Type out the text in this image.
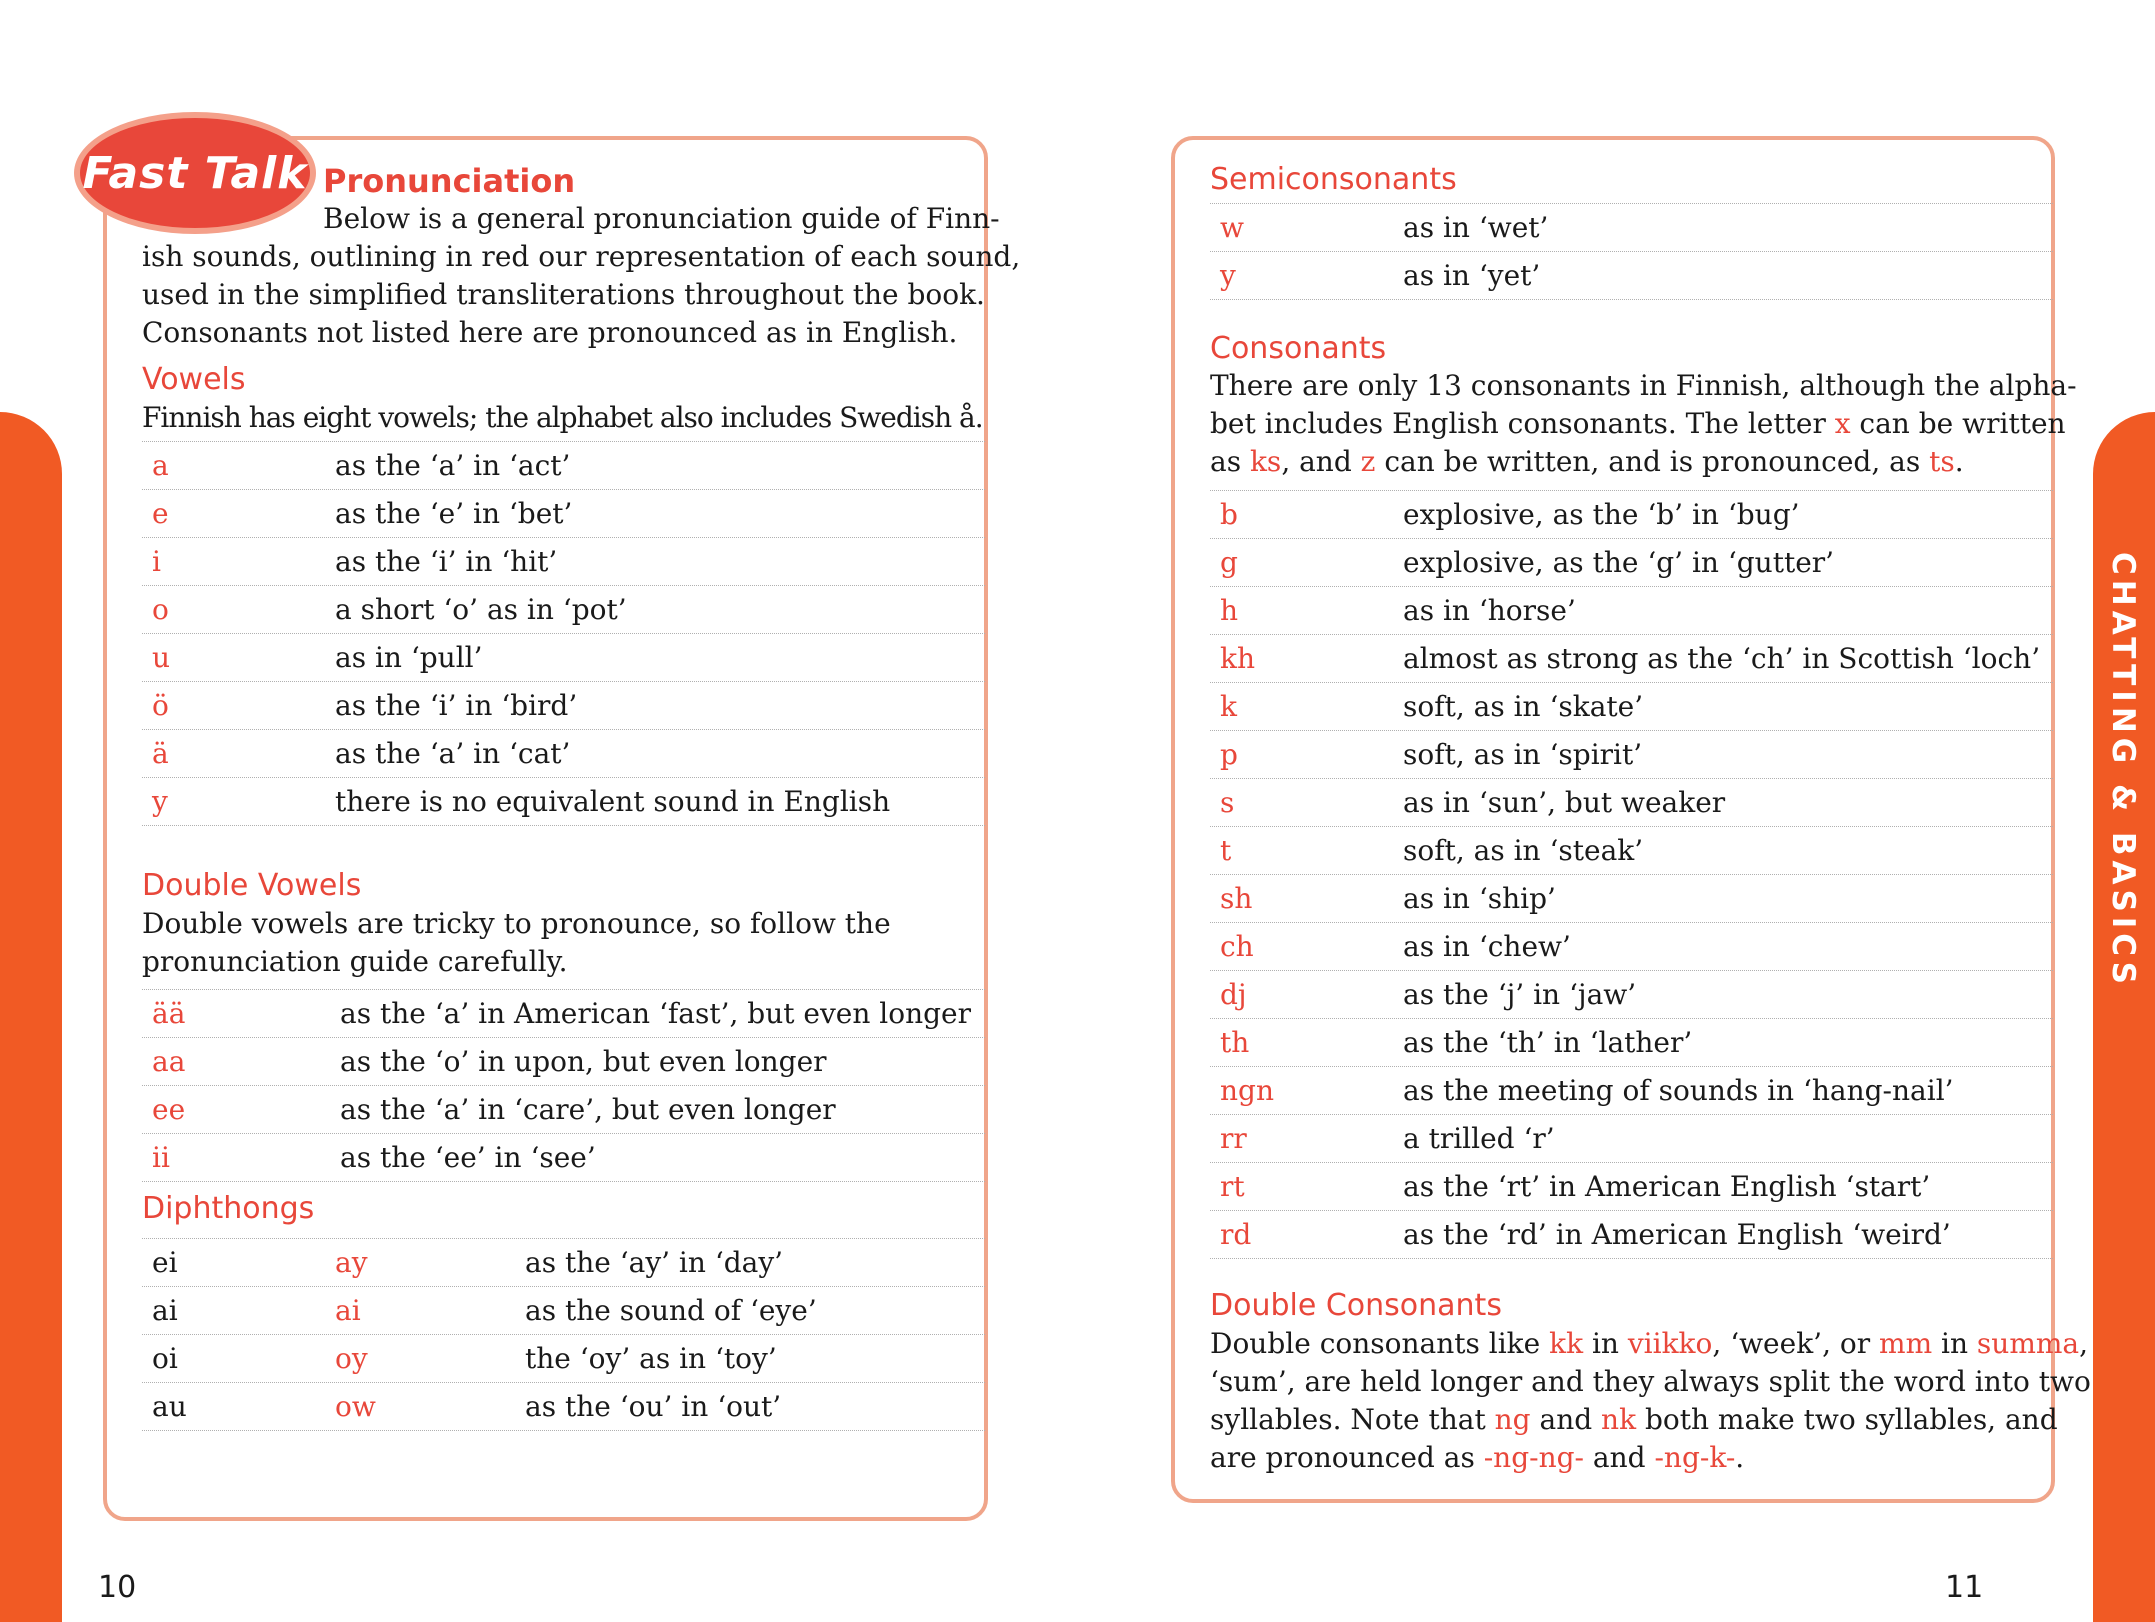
CHATTING & BASICS
Fast Talk Pronunciation
Below is a general pronunciation guide of Finn-
ish sounds, outlining in red our representation of each sound,
used in the simplified transliterations throughout the book.
Consonants not listed here are pronounced as in English.
Vowels
Finnish has eight vowels; the alphabet also includes Swedish å.
a	as the ‘a’ in ‘act’
e	as the ‘e’ in ‘bet’
i	as the ‘i’ in ‘hit’
o	a short ‘o’ as in ‘pot’
u	as in ‘pull’
ö	as the ‘i’ in ‘bird’
ä	as the ‘a’ in ‘cat’
y	there is no equivalent sound in English
Double Vowels
Double vowels are tricky to pronounce, so follow the
pronunciation guide carefully.
ää	as the ‘a’ in American ‘fast’, but even longer
aa	as the ‘o’ in upon, but even longer
ee	as the ‘a’ in ‘care’, but even longer
ii	as the ‘ee’ in ‘see’
Diphthongs
ei	ay	as the ‘ay’ in ‘day’
ai	ai	as the sound of ‘eye’
oi	oy	the ‘oy’ as in ‘toy’
au	ow	as the ‘ou’ in ‘out’
10
Semiconsonants
w	as in ‘wet’
y	as in ‘yet’
Consonants
There are only 13 consonants in Finnish, although the alpha-
bet includes English consonants. The letter x can be written
as ks, and z can be written, and is pronounced, as ts.
b	explosive, as the ‘b’ in ‘bug’
g	explosive, as the ‘g’ in ‘gutter’
h	as in ‘horse’
kh	almost as strong as the ‘ch’ in Scottish ‘loch’
k	soft, as in ‘skate’
p	soft, as in ‘spirit’
s	as in ‘sun’, but weaker
t	soft, as in ‘steak’
sh	as in ‘ship’
ch	as in ‘chew’
dj	as the ‘j’ in ‘jaw’
th	as the ‘th’ in ‘lather’
ngn	as the meeting of sounds in ‘hang-nail’
rr	a trilled ‘r’
rt	as the ‘rt’ in American English ‘start’
rd	as the ‘rd’ in American English ‘weird’
Double Consonants
Double consonants like kk in viikko, ‘week’, or mm in summa,
‘sum’, are held longer and they always split the word into two
syllables. Note that ng and nk both make two syllables, and
are pronounced as -ng-ng- and -ng-k-.
11
